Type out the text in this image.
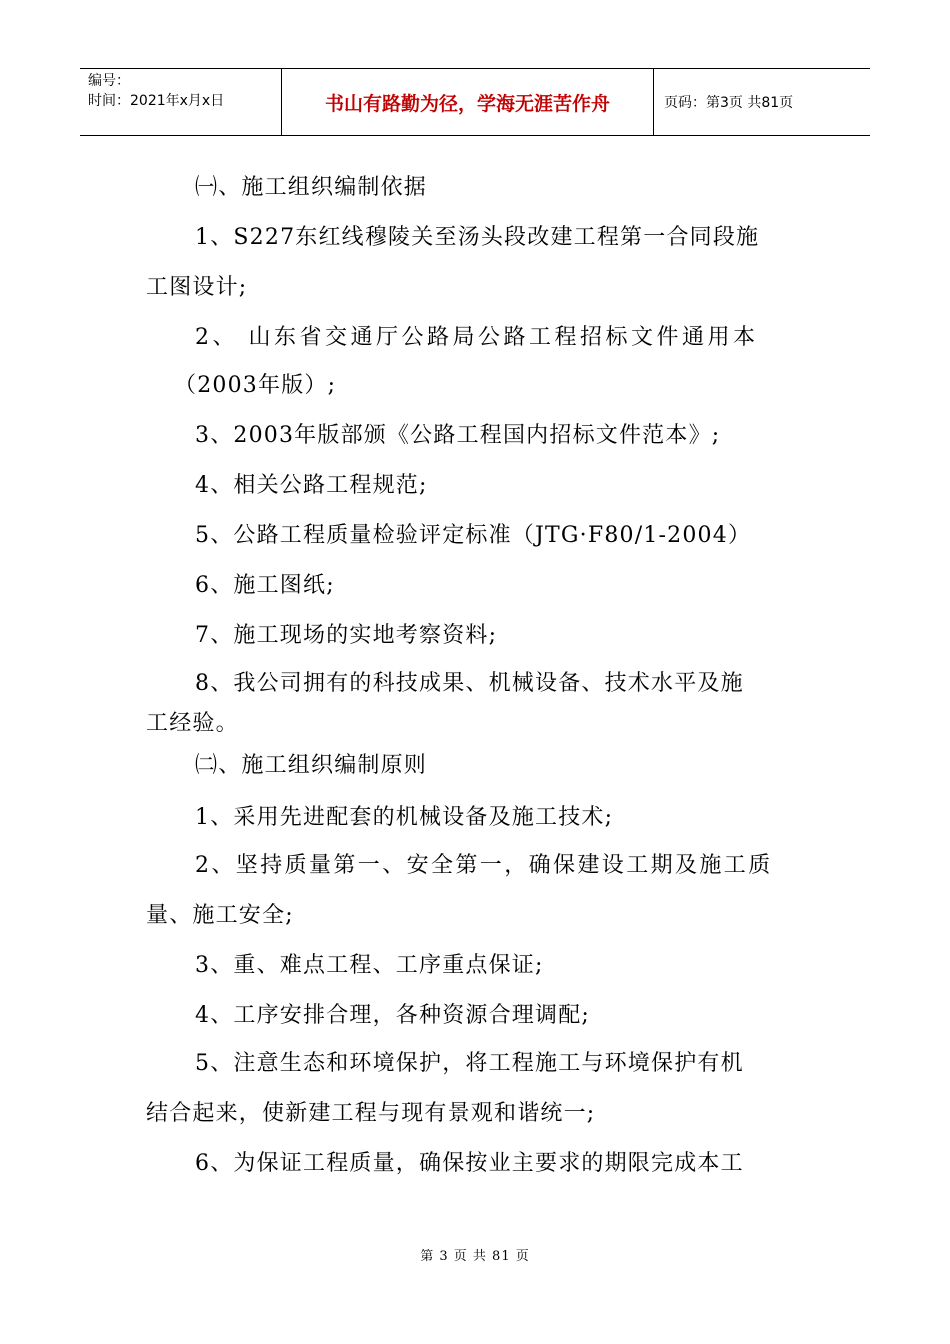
编号：
时间：2021年x月x日	书山有路勤为径，学海无涯苦作舟	页码：第3页 共81页
㈠、施工组织编制依据
1、S227东红线穆陵关至汤头段改建工程第一合同段施
工图设计;
2、 山东省交通厅公路局公路工程招标文件通用本
（2003年版）;
3、2003年版部颁《公路工程国内招标文件范本》;
4、相关公路工程规范;
5、公路工程质量检验评定标准（JTG·F80/1-2004）
6、施工图纸;
7、施工现场的实地考察资料;
8、我公司拥有的科技成果、机械设备、技术水平及施
工经验。
㈡、施工组织编制原则
1、采用先进配套的机械设备及施工技术;
2、坚持质量第一、安全第一，确保建设工期及施工质
量、施工安全;
3、重、难点工程、工序重点保证;
4、工序安排合理，各种资源合理调配;
5、注意生态和环境保护，将工程施工与环境保护有机
结合起来，使新建工程与现有景观和谐统一;
6、为保证工程质量，确保按业主要求的期限完成本工
第 3 页 共 81 页
